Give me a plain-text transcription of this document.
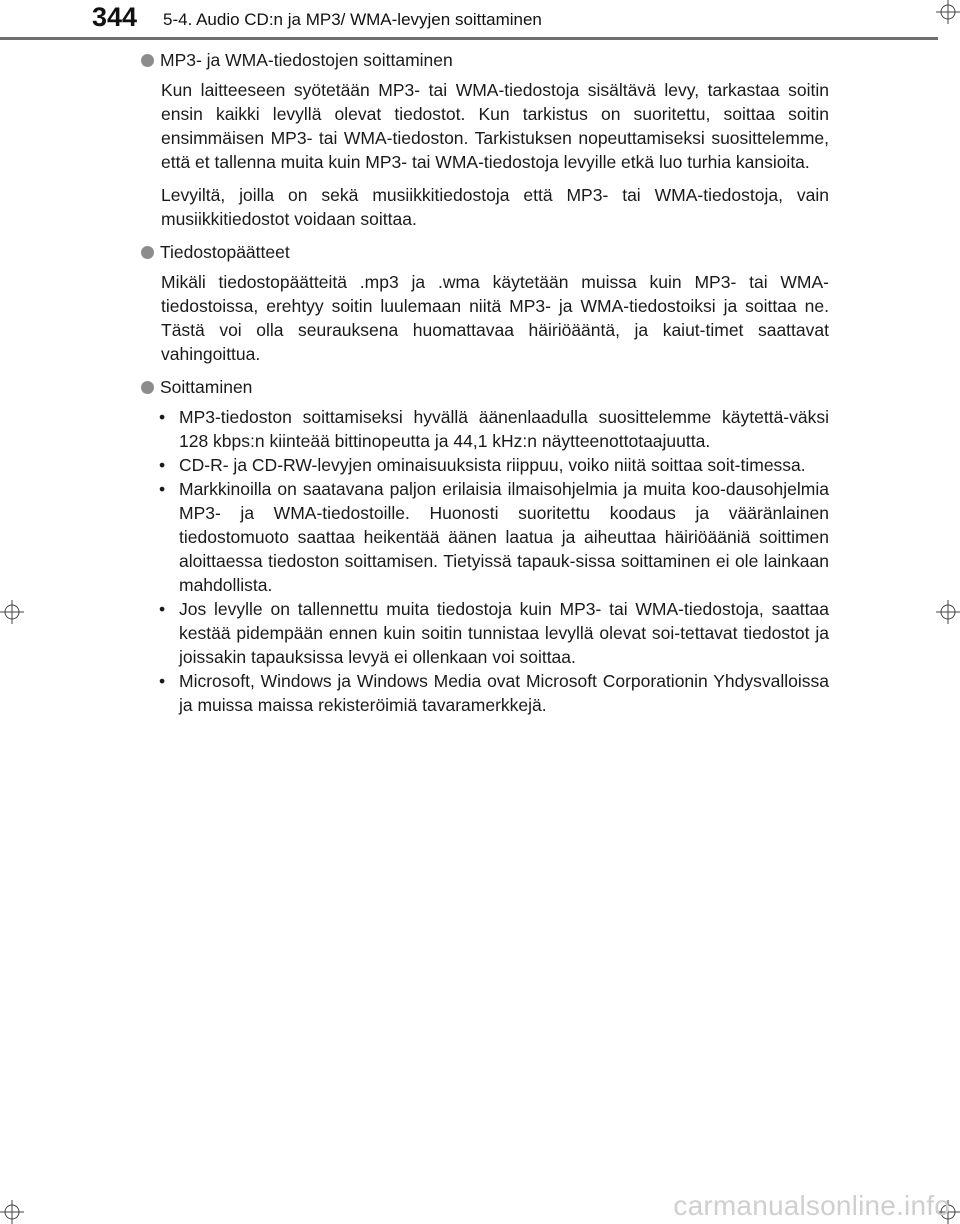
344 5-4. Audio CD:n ja MP3/ WMA-levyjen soittaminen
MP3- ja WMA-tiedostojen soittaminen

Kun laitteeseen syötetään MP3- tai WMA-tiedostoja sisältävä levy, tarkastaa soitin ensin kaikki levyllä olevat tiedostot. Kun tarkistus on suoritettu, soittaa soitin ensimmäisen MP3- tai WMA-tiedoston. Tarkistuksen nopeuttamiseksi suosittelemme, että et tallenna muita kuin MP3- tai WMA-tiedostoja levyille etkä luo turhia kansioita.

Levyiltä, joilla on sekä musiikkitiedostoja että MP3- tai WMA-tiedostoja, vain musiikkitiedostot voidaan soittaa.

Tiedostopäätteet

Mikäli tiedostopäätteitä .mp3 ja .wma käytetään muissa kuin MP3- tai WMA-tiedostoissa, erehtyy soitin luulemaan niitä MP3- ja WMA-tiedostoiksi ja soittaa ne. Tästä voi olla seurauksena huomattavaa häiriöääntä, ja kaiut-timet saattavat vahingoittua.

Soittaminen
• MP3-tiedoston soittamiseksi hyvällä äänenlaadulla suosittelemme käytettä-väksi 128 kbps:n kiinteää bittinopeutta ja 44,1 kHz:n näytteenottotaajuutta.
• CD-R- ja CD-RW-levyjen ominaisuuksista riippuu, voiko niitä soittaa soit-timessa.
• Markkinoilla on saatavana paljon erilaisia ilmaisohjelmia ja muita koo-dausohjelmia MP3- ja WMA-tiedostoille. Huonosti suoritettu koodaus ja vääränlainen tiedostomuoto saattaa heikentää äänen laatua ja aiheuttaa häiriöääniä soittimen aloittaessa tiedoston soittamisen. Tietyissä tapauk-sissa soittaminen ei ole lainkaan mahdollista.
• Jos levylle on tallennettu muita tiedostoja kuin MP3- tai WMA-tiedostoja, saattaa kestää pidempään ennen kuin soitin tunnistaa levyllä olevat soi-tettavat tiedostot ja joissakin tapauksissa levyä ei ollenkaan voi soittaa.
• Microsoft, Windows ja Windows Media ovat Microsoft Corporationin Yhdysvalloissa ja muissa maissa rekisteröimiä tavaramerkkejä.
carmanualsonline.info
